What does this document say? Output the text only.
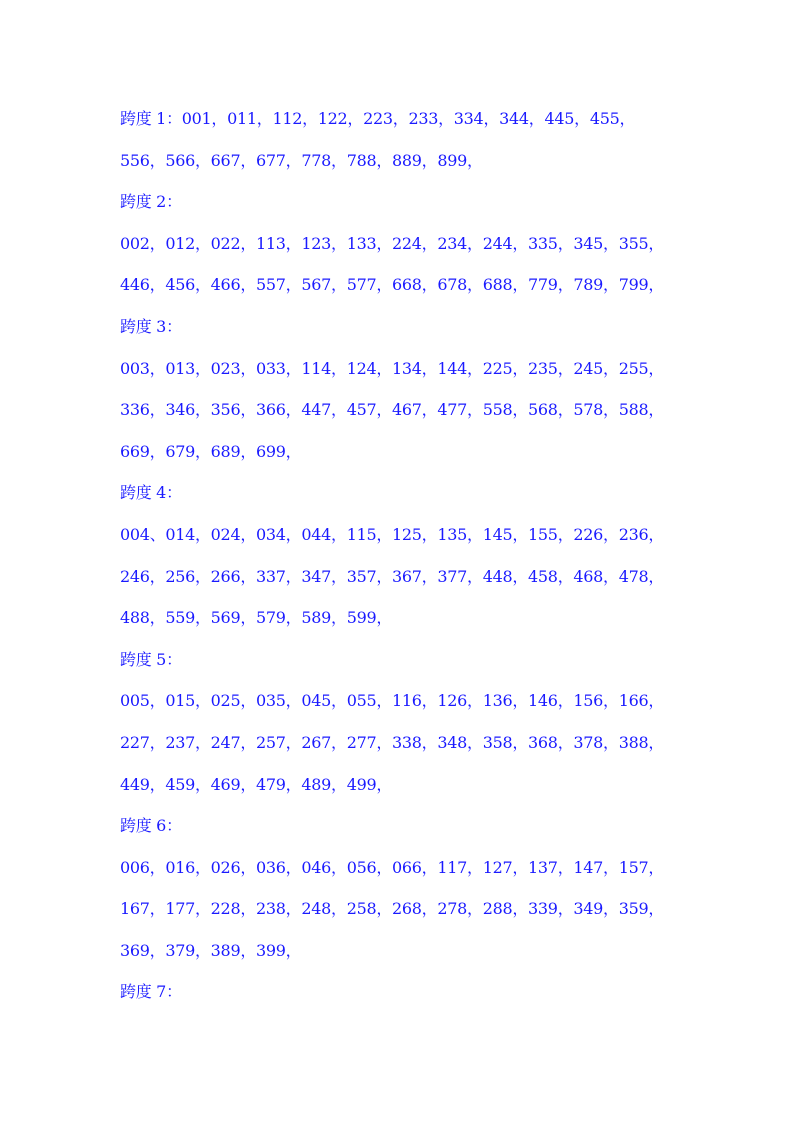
跨度 1：001，011，112，122，223，233，334，344，445，455，
556，566，667，677，778，788，889，899，
跨度 2：
002，012，022，113，123，133，224，234，244，335，345，355，
446，456，466，557，567，577，668，678，688，779，789，799，
跨度 3：
003，013，023，033，114，124，134，144，225，235，245，255，
336，346，356，366，447，457，467，477，558，568，578，588，
669，679，689，699，
跨度 4：
004、014，024，034，044，115，125，135，145，155，226，236，
246，256，266，337，347，357，367，377，448，458，468，478，
488，559，569，579，589，599，
跨度 5：
005，015，025，035，045，055，116，126，136，146，156，166，
227，237，247，257，267，277，338，348，358，368，378，388，
449，459，469，479，489，499，
跨度 6：
006，016，026，036，046，056，066，117，127，137，147，157，
167，177，228，238，248，258，268，278，288，339，349，359，
369，379，389，399，
跨度 7：
